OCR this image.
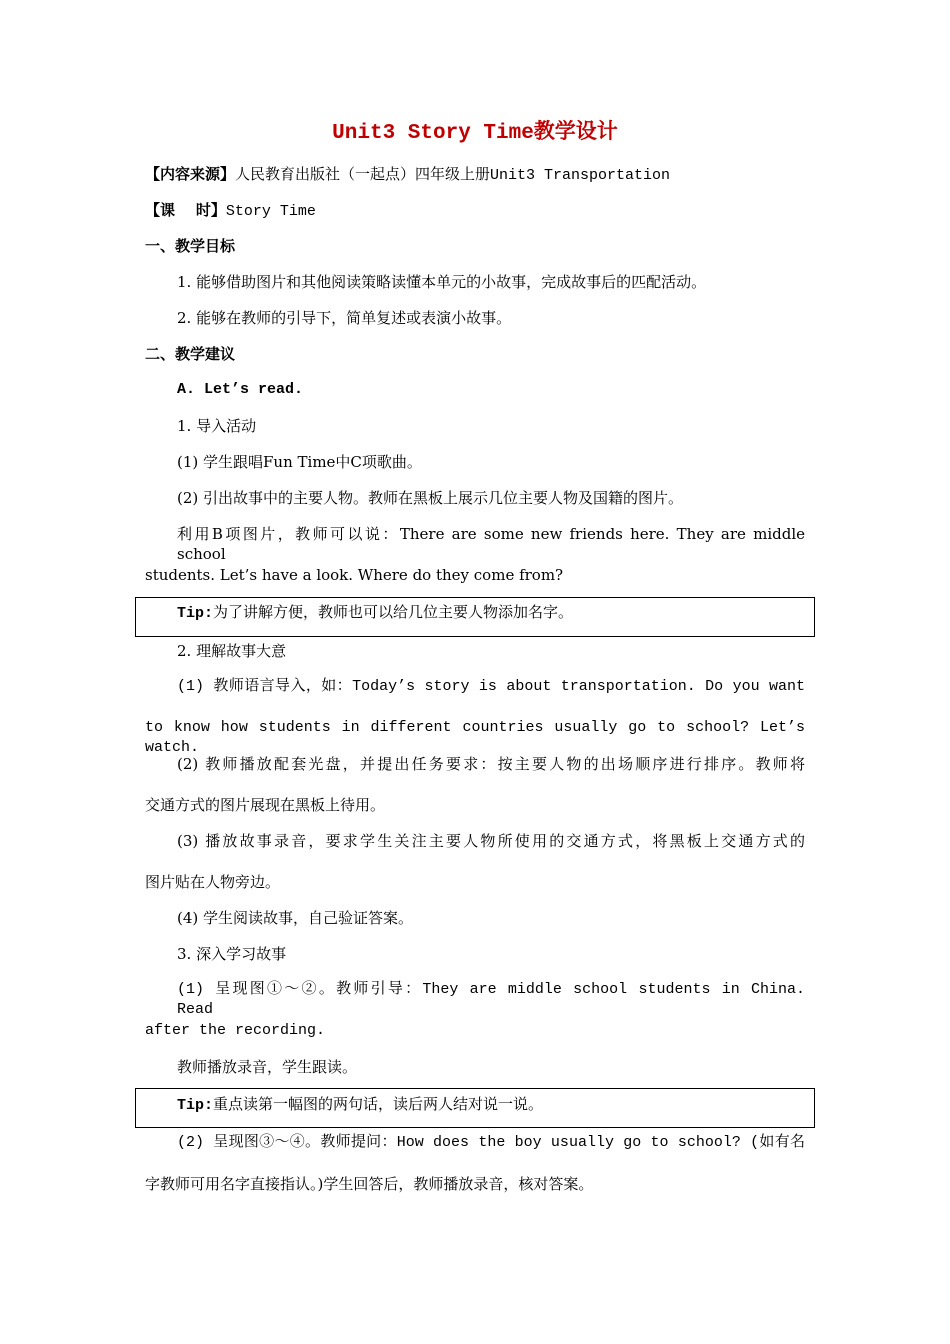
Unit3 Story Time教学设计
【内容来源】人民教育出版社（一起点）四年级上册Unit3 Transportation
【课    时】Story Time
一、教学目标
1. 能够借助图片和其他阅读策略读懂本单元的小故事，完成故事后的匹配活动。
2. 能够在教师的引导下，简单复述或表演小故事。
二、教学建议
A. Let’s read.
1. 导入活动
(1) 学生跟唱Fun Time中C项歌曲。
(2) 引出故事中的主要人物。教师在黑板上展示几位主要人物及国籍的图片。
利用B项图片，教师可以说：There are some new friends here. They are middle school
students. Let’s have a look. Where do they come from?
Tip:为了讲解方便，教师也可以给几位主要人物添加名字。
2. 理解故事大意
(1) 教师语言导入，如：Today’s story is about transportation. Do you want
to know how students in different countries usually go to school? Let’s watch.
(2) 教师播放配套光盘，并提出任务要求：按主要人物的出场顺序进行排序。教师将
交通方式的图片展现在黑板上待用。
(3) 播放故事录音，要求学生关注主要人物所使用的交通方式，将黑板上交通方式的
图片贴在人物旁边。
(4) 学生阅读故事，自己验证答案。
3. 深入学习故事
(1) 呈现图①〜②。教师引导：They are middle school students in China. Read
after the recording.
教师播放录音，学生跟读。
Tip:重点读第一幅图的两句话，读后两人结对说一说。
(2) 呈现图③〜④。教师提问：How does the boy usually go to school? (如有名
字教师可用名字直接指认。)学生回答后，教师播放录音，核对答案。
